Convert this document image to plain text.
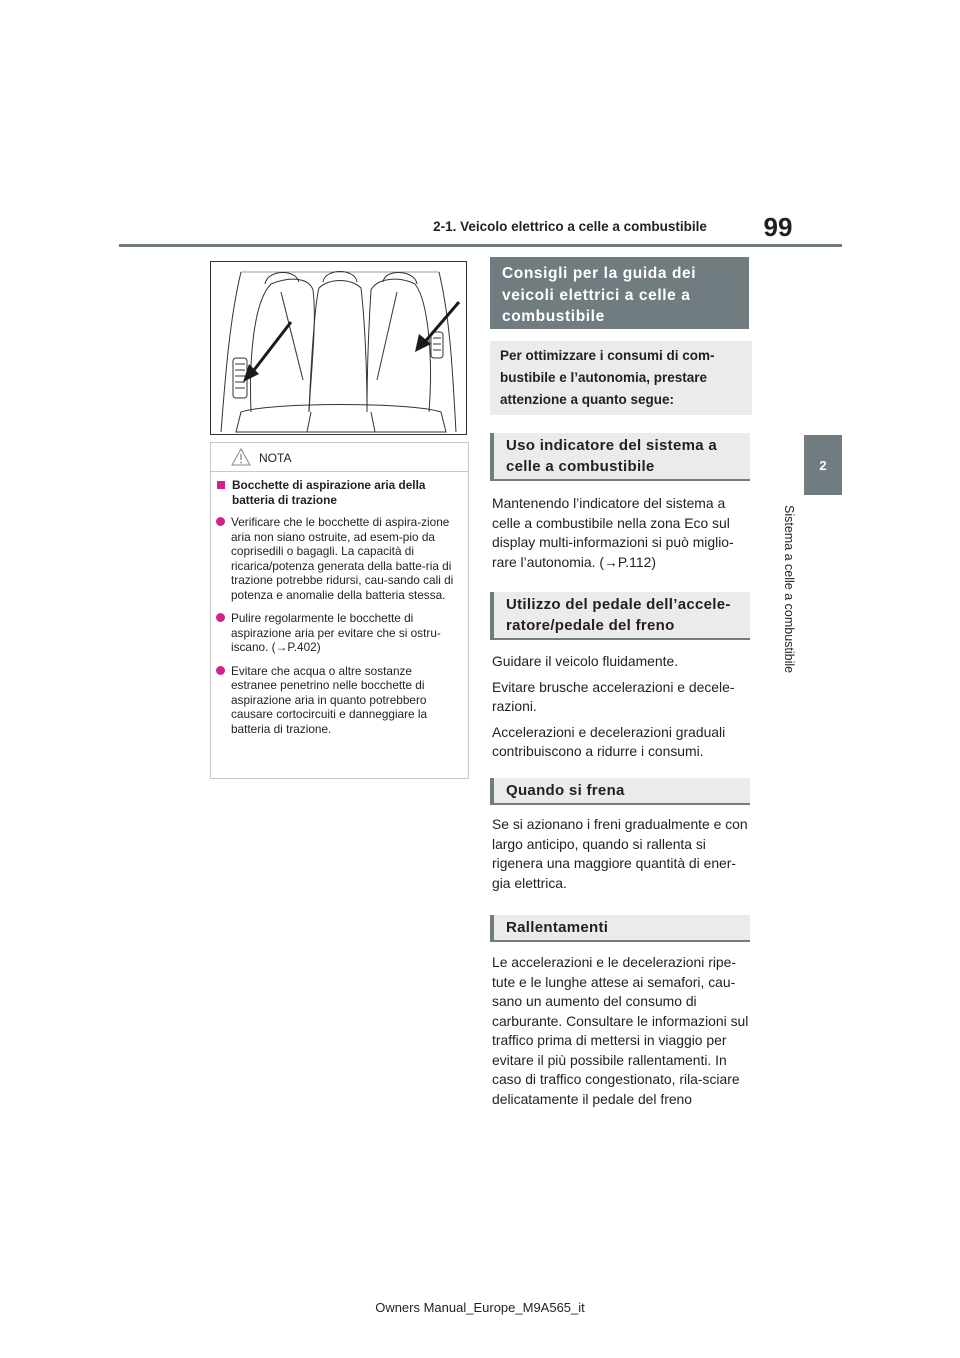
99
2-1. Veicolo elettrico a celle a combustibile
2
Sistema a celle a combustibile
NOTA
Bocchette di aspirazione aria della batteria di trazione
Verificare che le bocchette di aspira-zione aria non siano ostruite, ad esem-pio da coprisedili o bagagli. La capacità di ricarica/potenza generata della batte-ria di trazione potrebbe ridursi, cau-sando cali di potenza e anomalie della batteria stessa.
Pulire regolarmente le bocchette di aspirazione aria per evitare che si ostru-iscano. (→P.402)
Evitare che acqua o altre sostanze estranee penetrino nelle bocchette di aspirazione aria in quanto potrebbero causare cortocircuiti e danneggiare la batteria di trazione.
Consigli per la guida dei veicoli elettrici a celle a combustibile
Per ottimizzare i consumi di com-bustibile e l’autonomia, prestare attenzione a quanto segue:
Uso indicatore del sistema a celle a combustibile

Mantenendo l’indicatore del sistema a celle a combustibile nella zona Eco sul display multi-informazioni si può miglio-rare l’autonomia. (→P.112)

Utilizzo del pedale dell’accele-ratore/pedale del freno

Guidare il veicolo fluidamente.

Evitare brusche accelerazioni e decele-razioni.

Accelerazioni e decelerazioni graduali contribuiscono a ridurre i consumi.

Quando si frena

Se si azionano i freni gradualmente e con largo anticipo, quando si rallenta si rigenera una maggiore quantità di ener-gia elettrica.

Rallentamenti

Le accelerazioni e le decelerazioni ripe-tute e le lunghe attese ai semafori, cau-sano un aumento del consumo di carburante. Consultare le informazioni sul traffico prima di mettersi in viaggio per evitare il più possibile rallentamenti. In caso di traffico congestionato, rila-sciare delicatamente il pedale del freno

Owners Manual_Europe_M9A565_it
